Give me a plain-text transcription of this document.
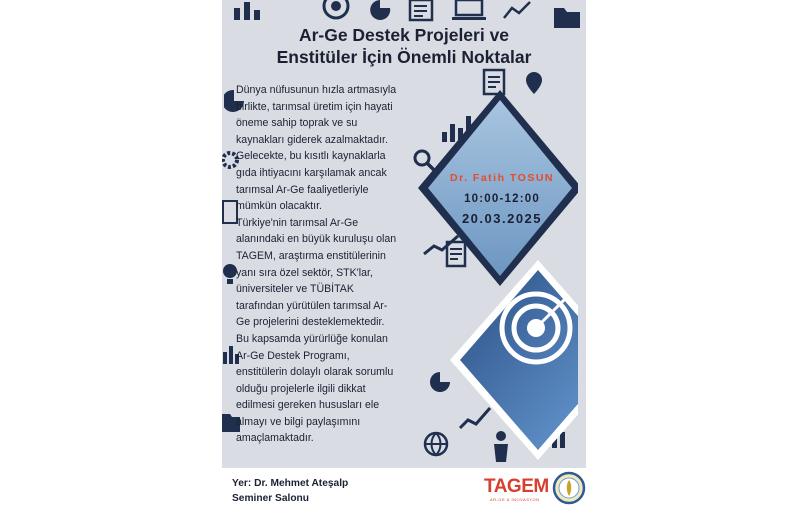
Ar-Ge Destek Projeleri ve
Enstitüler İçin Önemli Noktalar

Dünya nüfusunun hızla artmasıyla
birlikte, tarımsal üretim için hayati
öneme sahip toprak ve su
kaynakları giderek azalmaktadır.
Gelecekte, bu kısıtlı kaynaklarla
gıda ihtiyacını karşılamak ancak
tarımsal Ar-Ge faaliyetleriyle
mümkün olacaktır.
Türkiye'nin tarımsal Ar-Ge
alanındaki en büyük kuruluşu olan
TAGEM, araştırma enstitülerinin
yanı sıra özel sektör, STK'lar,
üniversiteler ve TÜBİTAK
tarafından yürütülen tarımsal Ar-
Ge projelerini desteklemektedir.
Bu kapsamda yürürlüğe konulan
Ar-Ge Destek Programı,
enstitülerin dolaylı olarak sorumlu
olduğu projelerle ilgili dikkat
edilmesi gereken hususları ele
almayı ve bilgi paylaşımını
amaçlamaktadır.

Dr. Fatih TOSUN
10:00-12:00
20.03.2025
Yer: Dr. Mehmet Ateşalp
Seminer Salonu
TAGEM
AR-GE & İNOVASYON
